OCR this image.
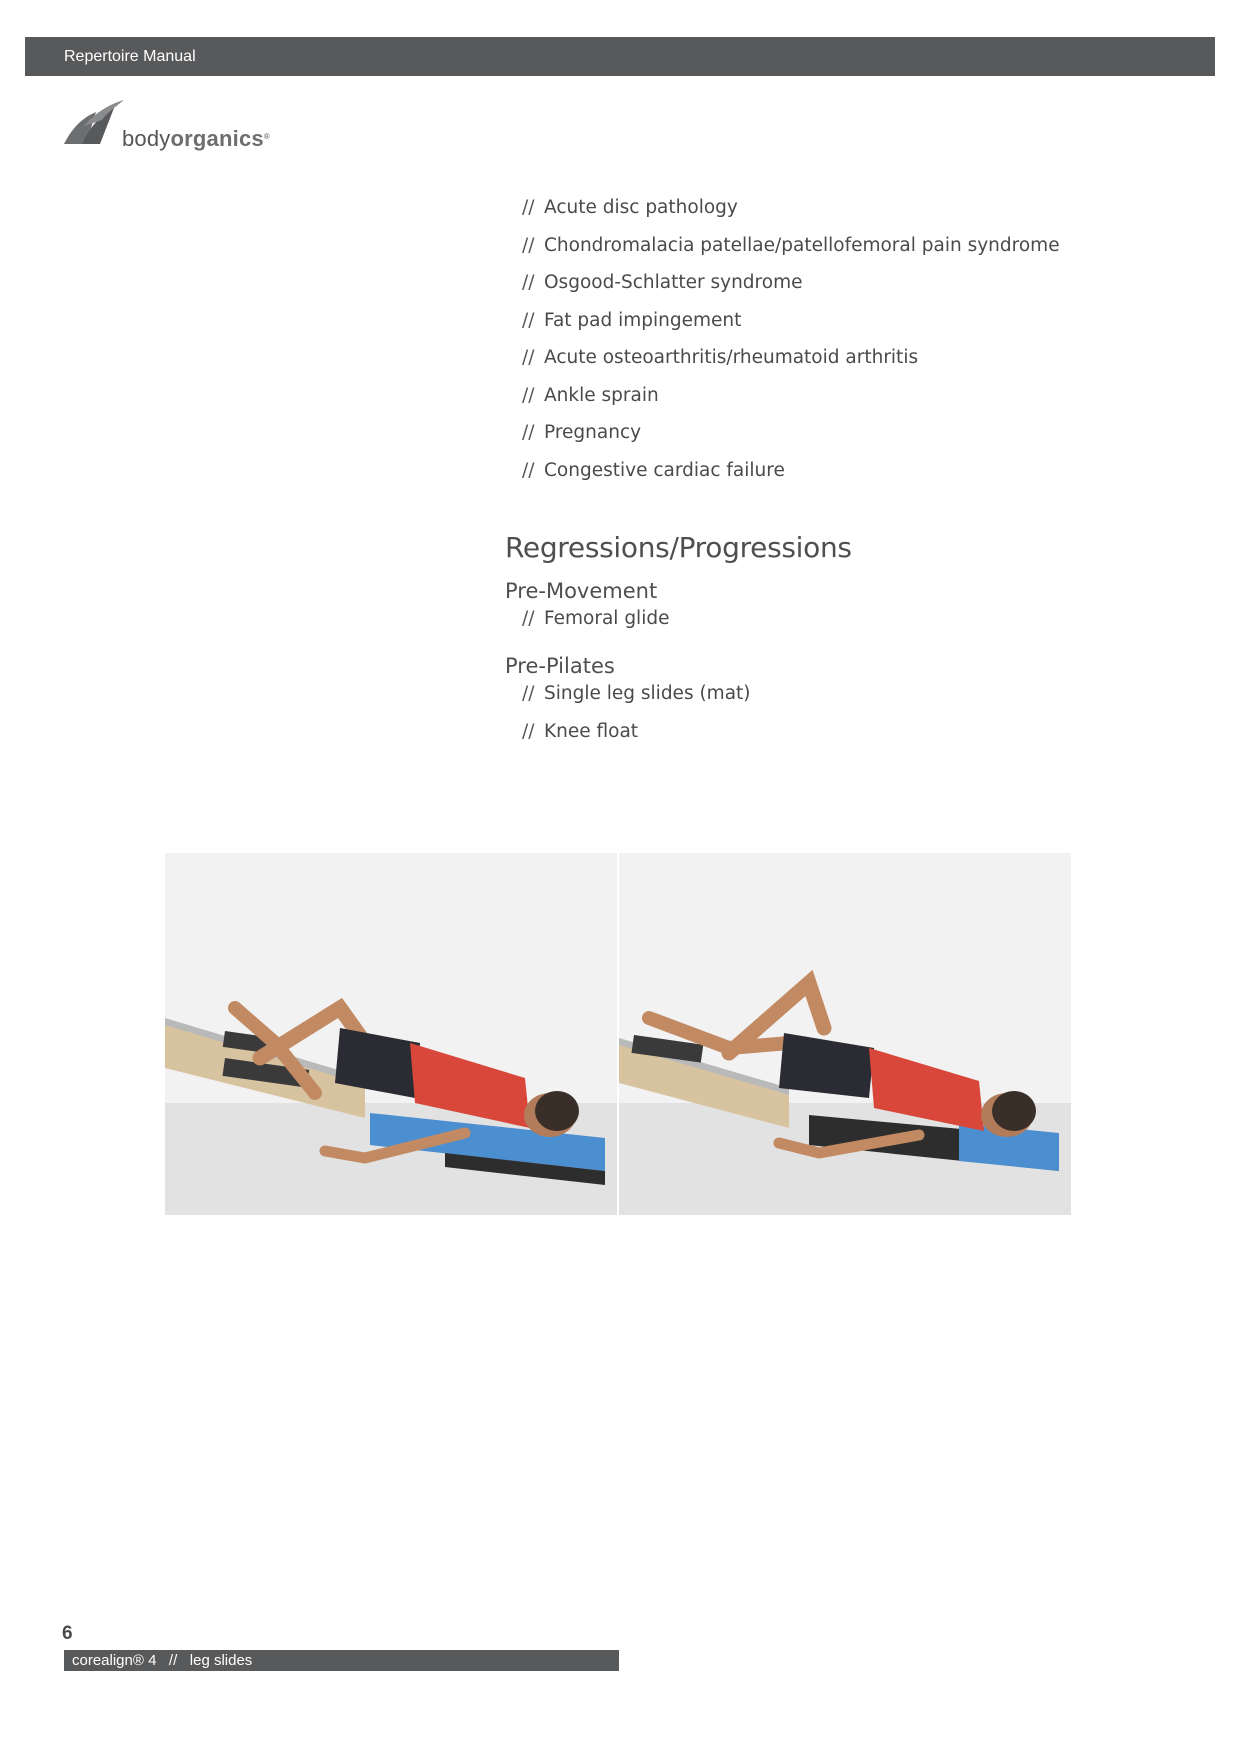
Repertoire Manual
bodyorganics®
// Acute disc pathology
// Chondromalacia patellae/patellofemoral pain syndrome
// Osgood-Schlatter syndrome
// Fat pad impingement
// Acute osteoarthritis/rheumatoid arthritis
// Ankle sprain
// Pregnancy
// Congestive cardiac failure
Regressions/Progressions
Pre-Movement
// Femoral glide
Pre-Pilates
// Single leg slides (mat)
// Knee float
6
corealign® 4   //   leg slides
